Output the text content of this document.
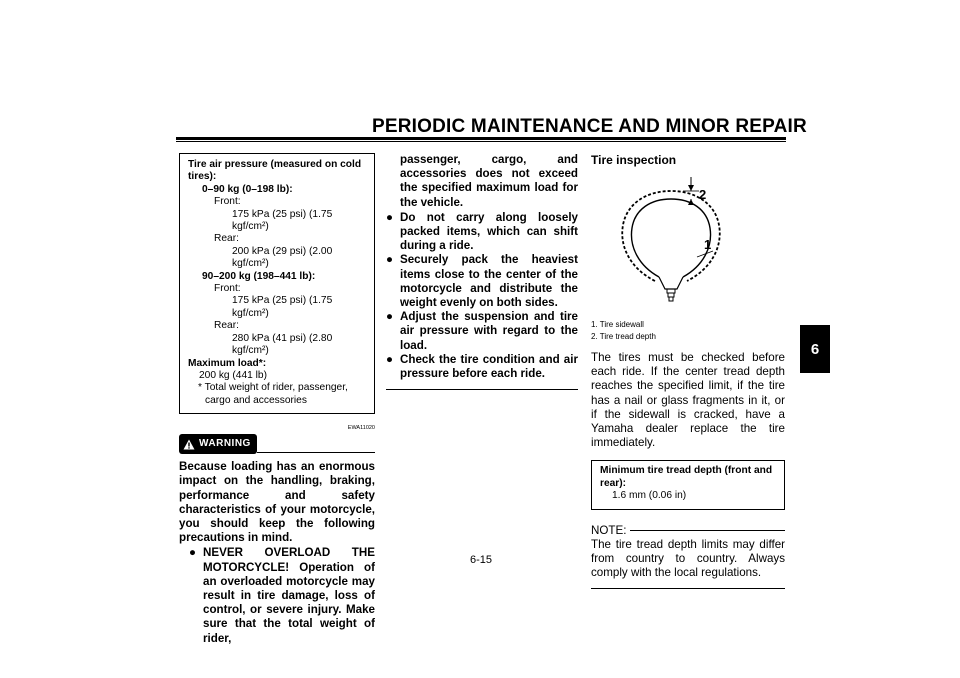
PERIODIC MAINTENANCE AND MINOR REPAIR
6
Tire air pressure (measured on cold tires):
0–90 kg (0–198 lb):
Front:
175 kPa (25 psi) (1.75 kgf/cm²)
Rear:
200 kPa (29 psi) (2.00 kgf/cm²)
90–200 kg (198–441 lb):
Front:
175 kPa (25 psi) (1.75 kgf/cm²)
Rear:
280 kPa (41 psi) (2.80 kgf/cm²)
Maximum load*:
200 kg (441 lb)
* Total weight of rider, passenger, cargo and accessories
EWA11020
WARNING
Because loading has an enormous impact on the handling, braking, performance and safety characteristics of your motorcycle, you should keep the following precautions in mind.
● NEVER OVERLOAD THE MOTORCYCLE! Operation of an overloaded motorcycle may result in tire damage, loss of control, or severe injury. Make sure that the total weight of rider,
passenger, cargo, and accessories does not exceed the specified maximum load for the vehicle.
● Do not carry along loosely packed items, which can shift during a ride.
● Securely pack the heaviest items close to the center of the motorcycle and distribute the weight evenly on both sides.
● Adjust the suspension and tire air pressure with regard to the load.
● Check the tire condition and air pressure before each ride.
Tire inspection
2
1
1. Tire sidewall
2. Tire tread depth
The tires must be checked before each ride. If the center tread depth reaches the specified limit, if the tire has a nail or glass fragments in it, or if the sidewall is cracked, have a Yamaha dealer replace the tire immediately.
Minimum tire tread depth (front and rear):
1.6 mm (0.06 in)
NOTE:
The tire tread depth limits may differ from country to country. Always comply with the local regulations.
6-15
